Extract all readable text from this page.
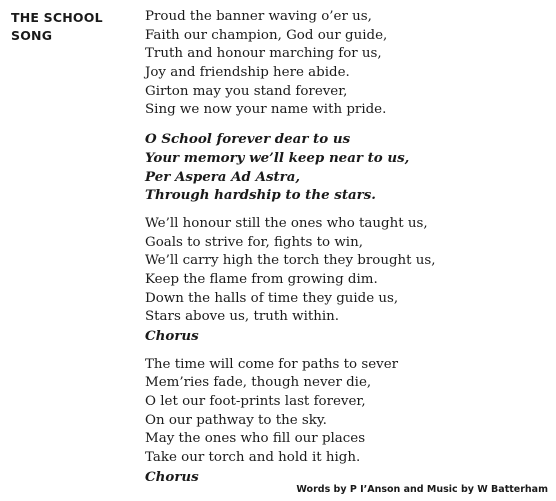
THE SCHOOL
SONG
Proud the banner waving o’er us,
Faith our champion, God our guide,
Truth and honour marching for us,
Joy and friendship here abide.
Girton may you stand forever,
Sing we now your name with pride.
O School forever dear to us
Your memory we’ll keep near to us,
Per Aspera Ad Astra,
Through hardship to the stars.
We’ll honour still the ones who taught us,
Goals to strive for, fights to win,
We’ll carry high the torch they brought us,
Keep the flame from growing dim.
Down the halls of time they guide us,
Stars above us, truth within.
Chorus
The time will come for paths to sever
Mem’ries fade, though never die,
O let our foot-prints last forever,
On our pathway to the sky.
May the ones who fill our places
Take our torch and hold it high.
Chorus
Words by P I’Anson and Music by W Batterham
